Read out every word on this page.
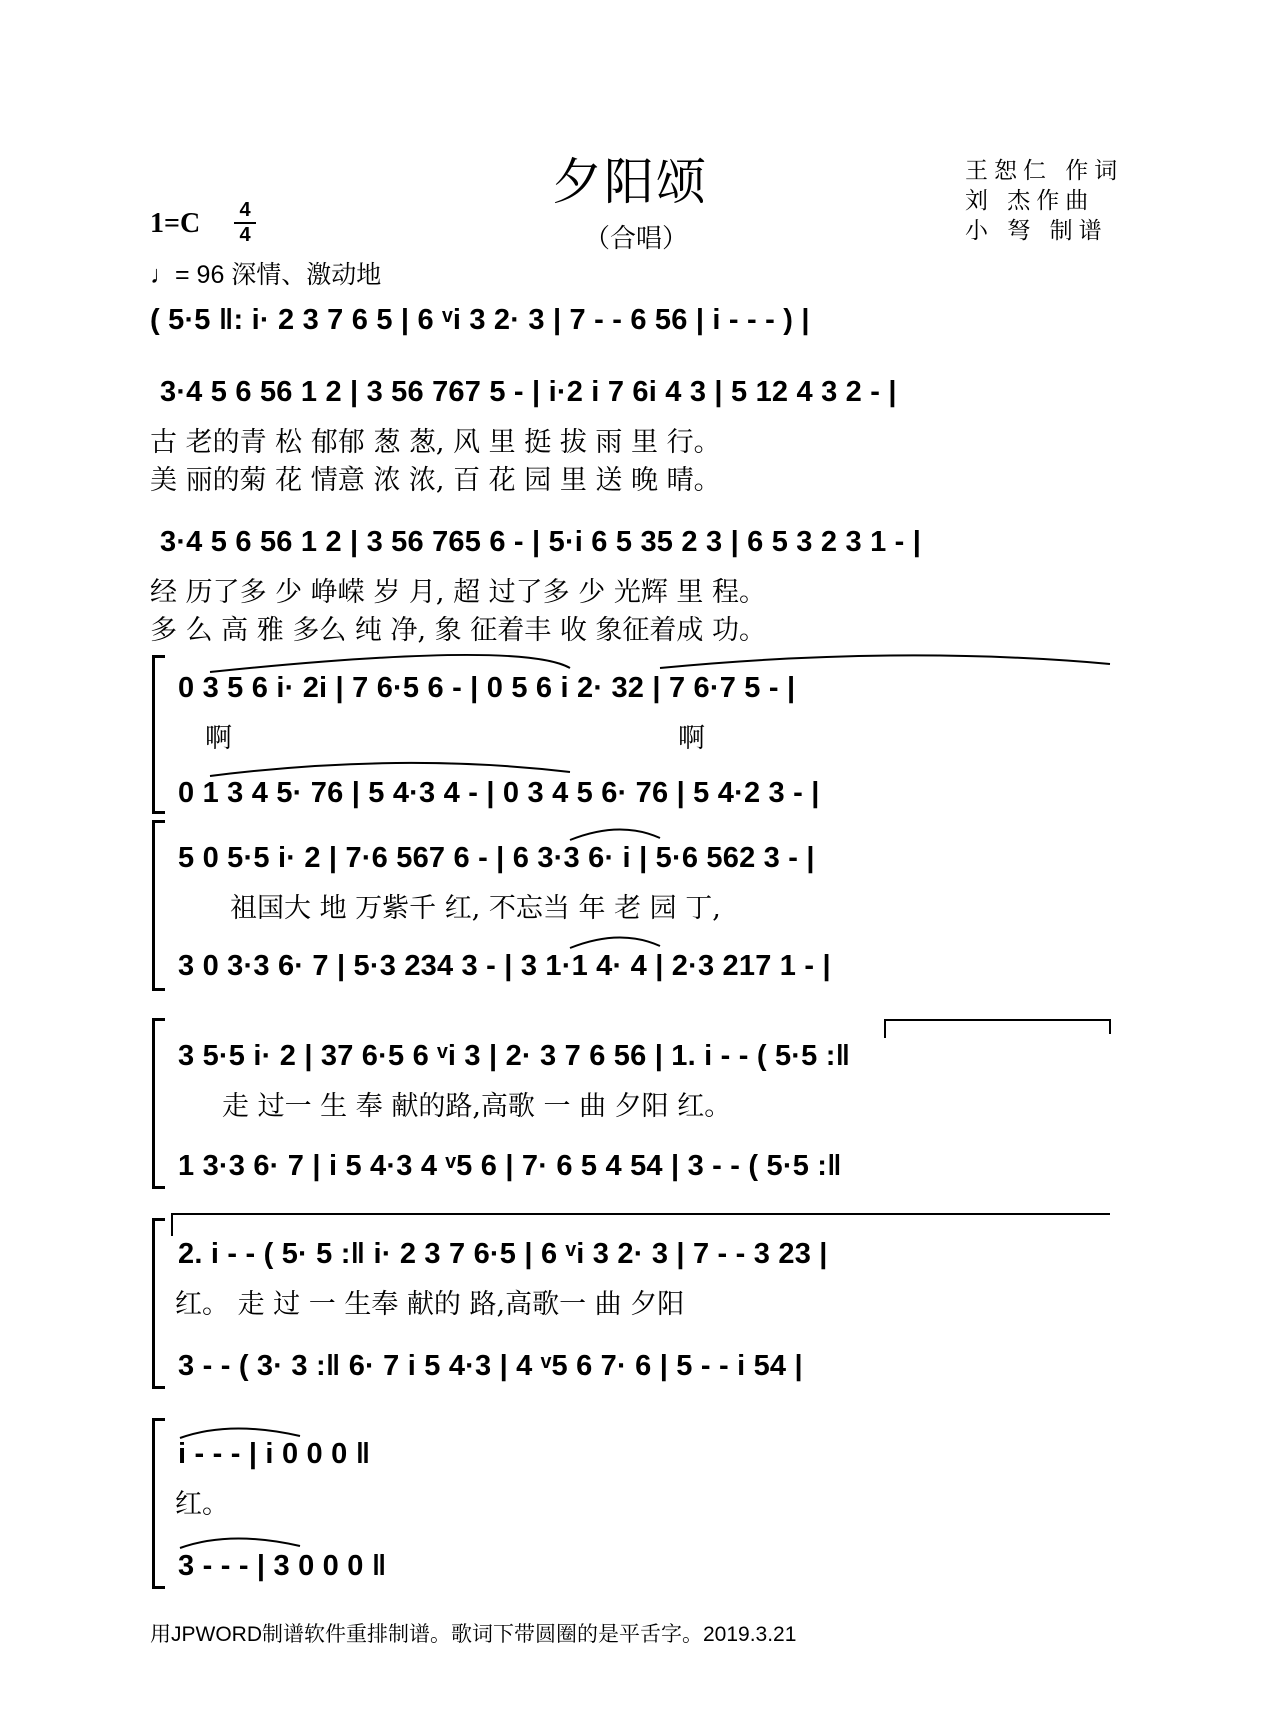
夕阳颂
（合唱）
王恕仁 作词
刘 杰作曲
小 弩 制谱
1=C 4
4
♩= 96 深情、激动地
( 5·5 ‖: i· 2 3 7 6 5 | 6 ᵛi 3 2· 3 | 7 - - 6 56 | i - - - ) |
3·4 5 6 56 1 2 | 3 56 767 5 - | i·2 i 7 6i 4 3 | 5 12 4 3 2 - |
古 老的青 松 郁郁 葱 葱, 风 里 挺 拔 雨 里 行。
美 丽的菊 花 情意 浓 浓, 百 花 园 里 送 晚 晴。
3·4 5 6 56 1 2 | 3 56 765 6 - | 5·i 6 5 35 2 3 | 6 5 3 2 3 1 - |
经 历了多 少 峥嵘 岁 月, 超 过了多 少 光辉 里 程。
多 么 高 雅 多么 纯 净, 象 征着丰 收 象征着成 功。
0 3 5 6 i· 2i | 7 6·5 6 - | 0 5 6 i 2· 32 | 7 6·7 5 - |
啊	啊
0 1 3 4 5· 76 | 5 4·3 4 - | 0 3 4 5 6· 76 | 5 4·2 3 - |
5 0 5·5 i· 2 | 7·6 567 6 - | 6 3·3 6· i | 5·6 562 3 - |
祖国大 地 万紫千 红, 不忘当 年 老 园 丁,
3 0 3·3 6· 7 | 5·3 234 3 - | 3 1·1 4· 4 | 2·3 217 1 - |
3 5·5 i· 2 | 37 6·5 6 ᵛi 3 | 2· 3 7 6 56 | 1. i - - ( 5·5 :‖
走 过一 生 奉 献的路,高歌 一 曲 夕阳 红。
1 3·3 6· 7 | i 5 4·3 4 ᵛ5 6 | 7· 6 5 4 54 | 3 - - ( 5·5 :‖
2. i - - ( 5· 5 :‖ i· 2 3 7 6·5 | 6 ᵛi 3 2· 3 | 7 - - 3 23 |
红。 走 过 一 生奉 献的 路,高歌一 曲 夕阳
3 - - ( 3· 3 :‖ 6· 7 i 5 4·3 | 4 ᵛ5 6 7· 6 | 5 - - i 54 |
i - - - | i 0 0 0 ‖
红。
3 - - - | 3 0 0 0 ‖
用JPWORD制谱软件重排制谱。歌词下带圆圈的是平舌字。2019.3.21
